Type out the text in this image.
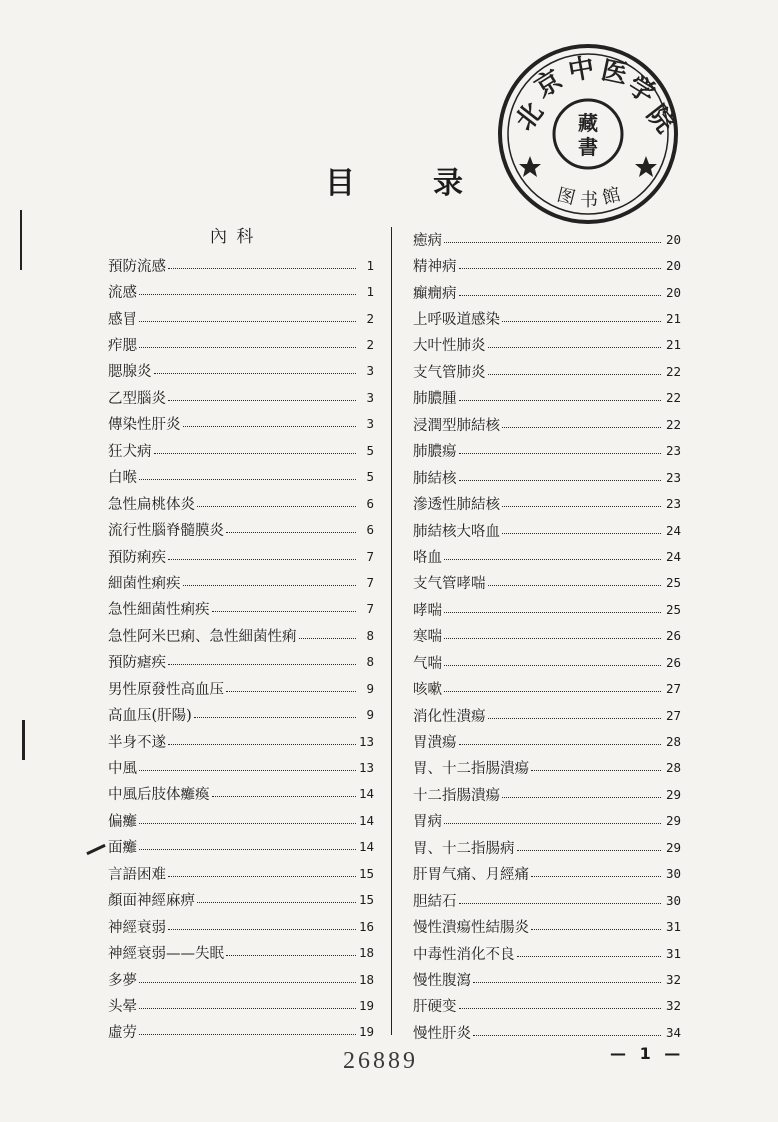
目	录
藏
書
北
京
中 医
学
院
图 书 館
內 科
預防流感	1
流感	1
感冒	2
痄腮	2
腮腺炎	3
乙型腦炎	3
傳染性肝炎	3
狂犬病	5
白喉	5
急性扁桃体炎	6
流行性腦脊髓膜炎	6
預防痢疾	7
細菌性痢疾	7
急性細菌性痢疾	7
急性阿米巴痢、急性細菌性痢	8
預防瘧疾	8
男性原發性高血压	9
高血压(肝陽)	9
半身不遂	13
中風	13
中風后肢体癱瘓	14
偏癱	14
面癱	14
言語困难	15
顏面神經麻痹	15
神經衰弱	16
神經衰弱——失眠	18
多夢	18
头晕	19
虛劳	19
癒病	20
精神病	20
癲癇病	20
上呼吸道感染	21
大叶性肺炎	21
支气管肺炎	22
肺膿腫	22
浸潤型肺結核	22
肺膿瘍	23
肺結核	23
滲透性肺結核	23
肺結核大咯血	24
咯血	24
支气管哮喘	25
哮喘	25
寒喘	26
气喘	26
咳嗽	27
消化性潰瘍	27
胃潰瘍	28
胃、十二指腸潰瘍	28
十二指腸潰瘍	29
胃病	29
胃、十二指腸病	29
肝胃气痛、月經痛	30
胆結石	30
慢性潰瘍性結腸炎	31
中毒性消化不良	31
慢性腹瀉	32
肝硬变	32
慢性肝炎	34
26889	— 1 —
